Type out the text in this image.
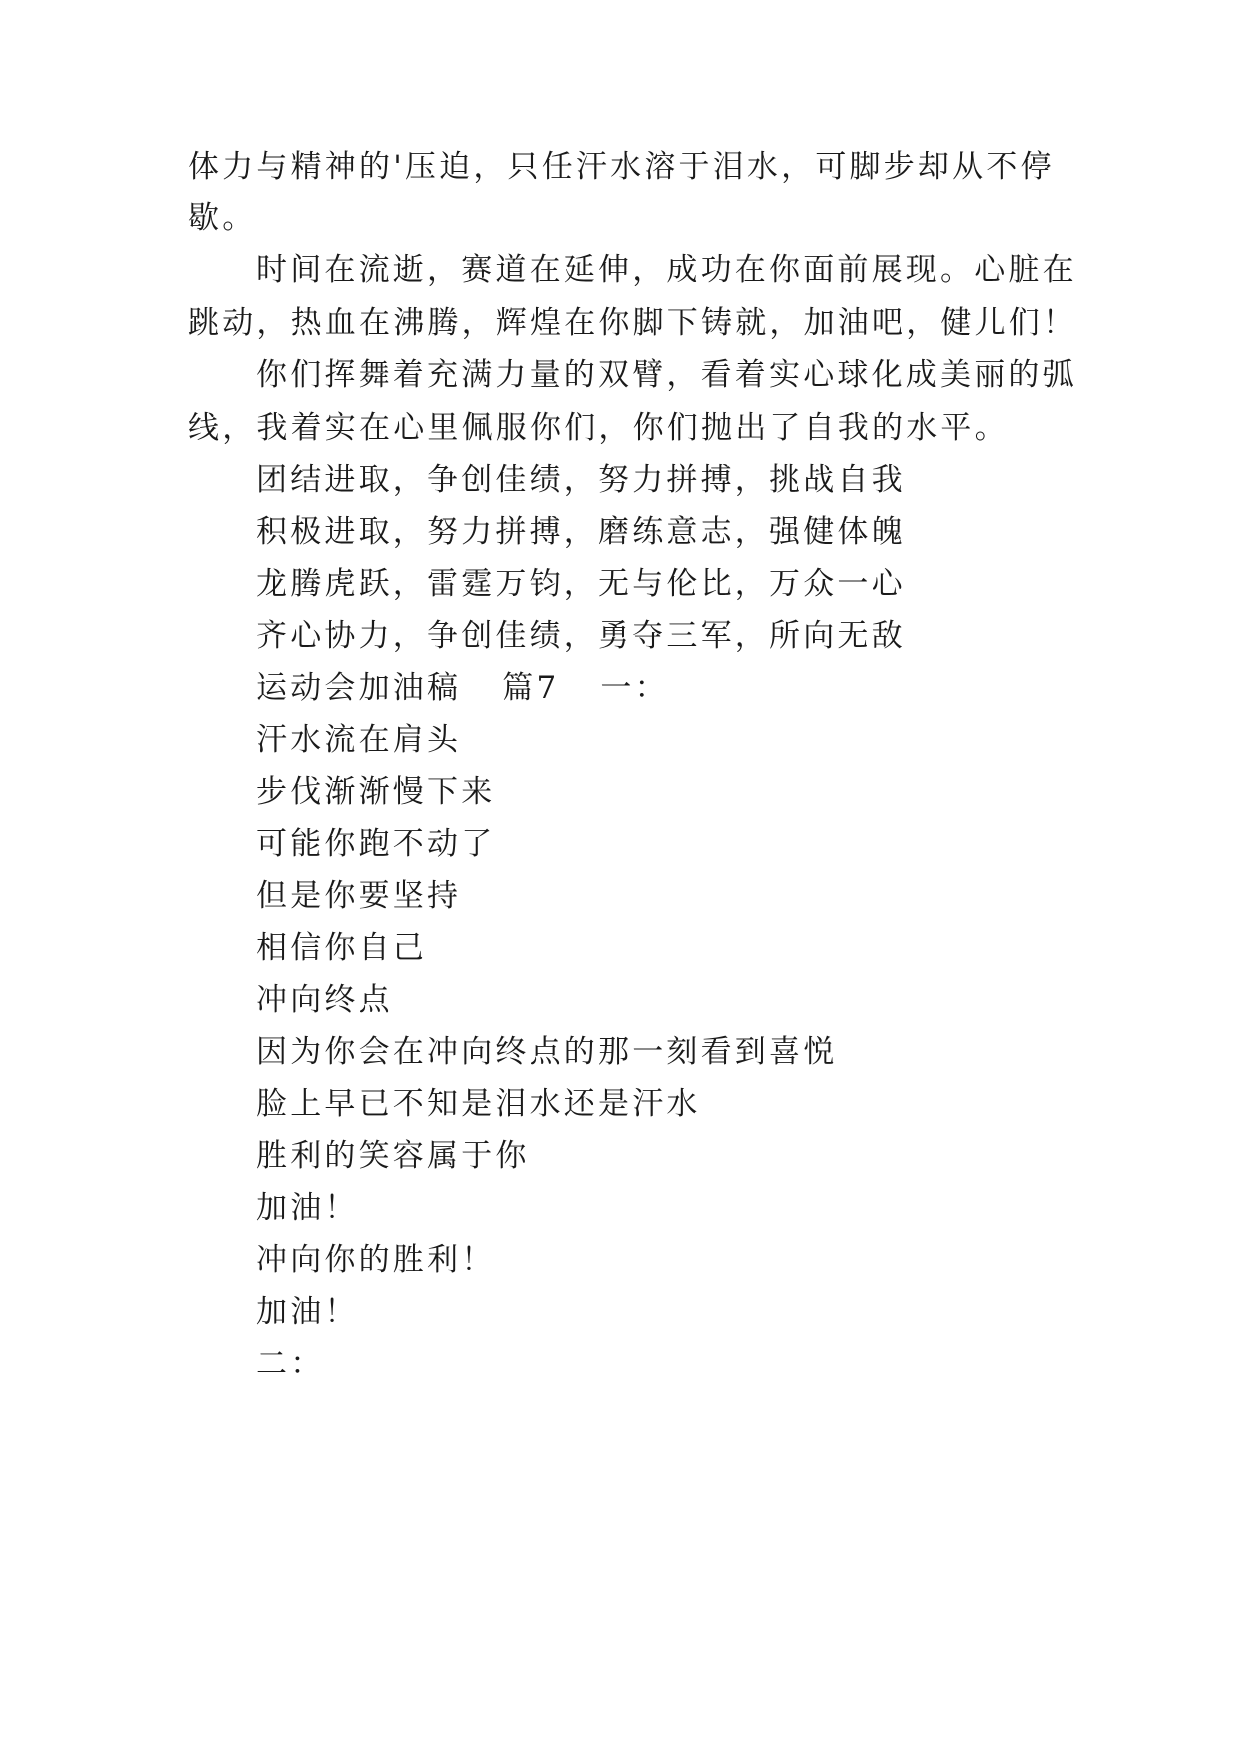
体力与精神的'压迫，只任汗水溶于泪水，可脚步却从不停
歇。
时间在流逝，赛道在延伸，成功在你面前展现。心脏在
跳动，热血在沸腾，辉煌在你脚下铸就，加油吧，健儿们！
你们挥舞着充满力量的双臂，看着实心球化成美丽的弧
线，我着实在心里佩服你们，你们抛出了自我的水平。
团结进取，争创佳绩，努力拼搏，挑战自我
积极进取，努力拼搏，磨练意志，强健体魄
龙腾虎跃，雷霆万钧，无与伦比，万众一心
齐心协力，争创佳绩，勇夺三军，所向无敌
运动会加油稿 篇7 一：
汗水流在肩头
步伐渐渐慢下来
可能你跑不动了
但是你要坚持
相信你自己
冲向终点
因为你会在冲向终点的那一刻看到喜悦
脸上早已不知是泪水还是汗水
胜利的笑容属于你
加油！
冲向你的胜利！
加油！
二：
